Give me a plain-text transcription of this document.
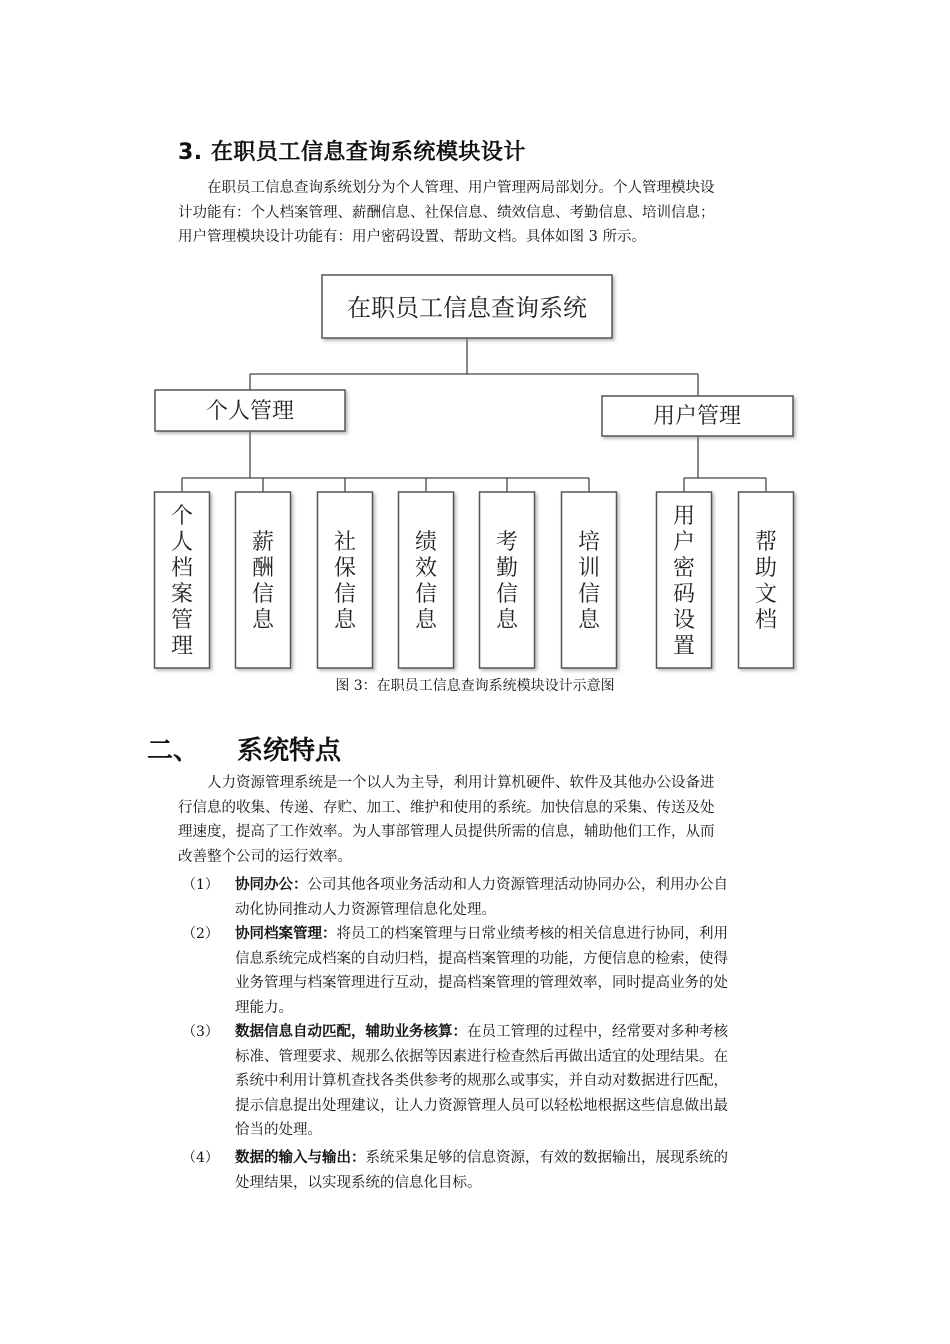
3. 在职员工信息查询系统模块设计
在职员工信息查询系统划分为个人管理、用户管理两局部划分。个人管理模块设
计功能有：个人档案管理、薪酬信息、社保信息、绩效信息、考勤信息、培训信息；
用户管理模块设计功能有：用户密码设置、帮助文档。具体如图 3 所示。
在职员工信息查询系统
个人管理	用户管理
个人档案管理
薪酬信息
社保信息
绩效信息
考勤信息
培训信息
用户密码设置
帮助文档
图 3：在职员工信息查询系统模块设计示意图
二、 系统特点
人力资源管理系统是一个以人为主导，利用计算机硬件、软件及其他办公设备进
行信息的收集、传递、存贮、加工、维护和使用的系统。加快信息的采集、传送及处
理速度，提高了工作效率。为人事部管理人员提供所需的信息，辅助他们工作，从而
改善整个公司的运行效率。
（1） 协同办公：公司其他各项业务活动和人力资源管理活动协同办公，利用办公自
动化协同推动人力资源管理信息化处理。
（2） 协同档案管理：将员工的档案管理与日常业绩考核的相关信息进行协同，利用
信息系统完成档案的自动归档，提高档案管理的功能，方便信息的检索，使得
业务管理与档案管理进行互动，提高档案管理的管理效率，同时提高业务的处
理能力。
（3） 数据信息自动匹配，辅助业务核算：在员工管理的过程中，经常要对多种考核
标准、管理要求、规那么依据等因素进行检查然后再做出适宜的处理结果。在
系统中利用计算机查找各类供参考的规那么或事实，并自动对数据进行匹配，
提示信息提出处理建议，让人力资源管理人员可以轻松地根据这些信息做出最
恰当的处理。
（4） 数据的输入与输出：系统采集足够的信息资源，有效的数据输出，展现系统的
处理结果，以实现系统的信息化目标。
